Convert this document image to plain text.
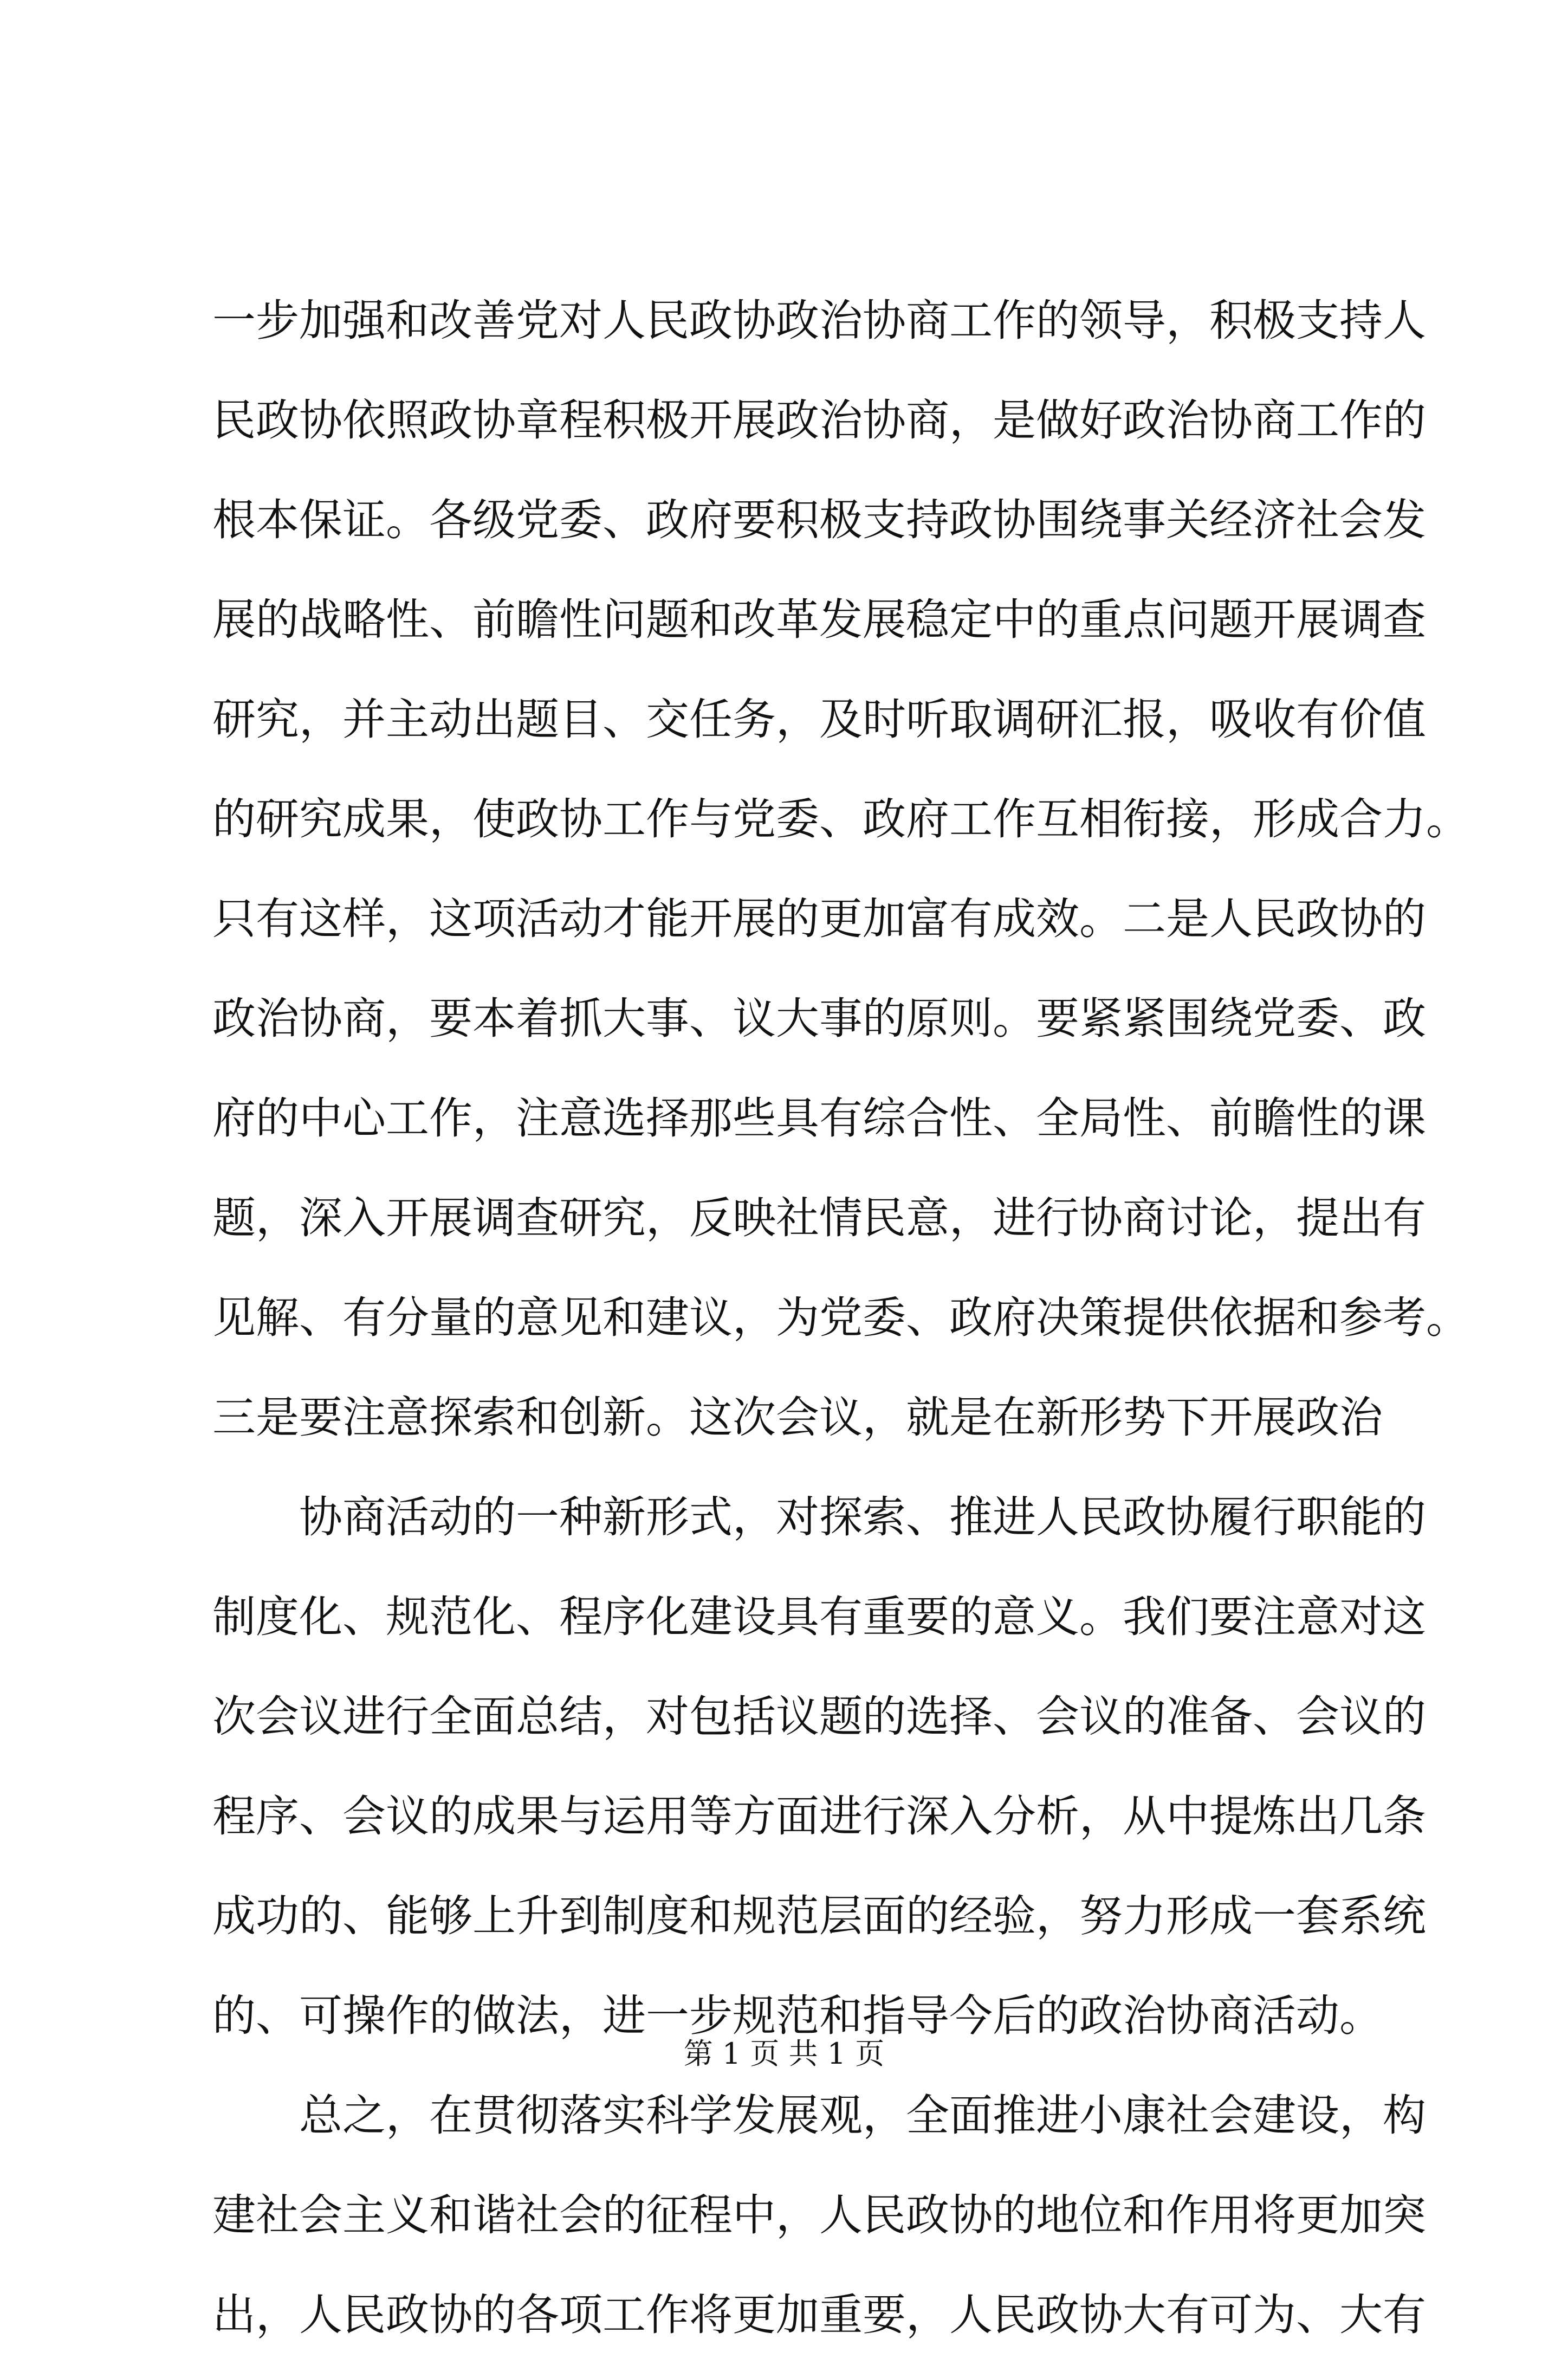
一步加强和改善党对人民政协政治协商工作的领导，积极支持人
民政协依照政协章程积极开展政治协商，是做好政治协商工作的
根本保证。各级党委、政府要积极支持政协围绕事关经济社会发
展的战略性、前瞻性问题和改革发展稳定中的重点问题开展调查
研究，并主动出题目、交任务，及时听取调研汇报，吸收有价值
的研究成果，使政协工作与党委、政府工作互相衔接，形成合力。
只有这样，这项活动才能开展的更加富有成效。二是人民政协的
政治协商，要本着抓大事、议大事的原则。要紧紧围绕党委、政
府的中心工作，注意选择那些具有综合性、全局性、前瞻性的课
题，深入开展调查研究，反映社情民意，进行协商讨论，提出有
见解、有分量的意见和建议，为党委、政府决策提供依据和参考。
三是要注意探索和创新。这次会议，就是在新形势下开展政治
协商活动的一种新形式，对探索、推进人民政协履行职能的
制度化、规范化、程序化建设具有重要的意义。我们要注意对这
次会议进行全面总结，对包括议题的选择、会议的准备、会议的
程序、会议的成果与运用等方面进行深入分析，从中提炼出几条
成功的、能够上升到制度和规范层面的经验，努力形成一套系统
的、可操作的做法，进一步规范和指导今后的政治协商活动。
总之，在贯彻落实科学发展观，全面推进小康社会建设，构
建社会主义和谐社会的征程中，人民政协的地位和作用将更加突
出，人民政协的各项工作将更加重要，人民政协大有可为、大有
第 1 页 共 1 页
